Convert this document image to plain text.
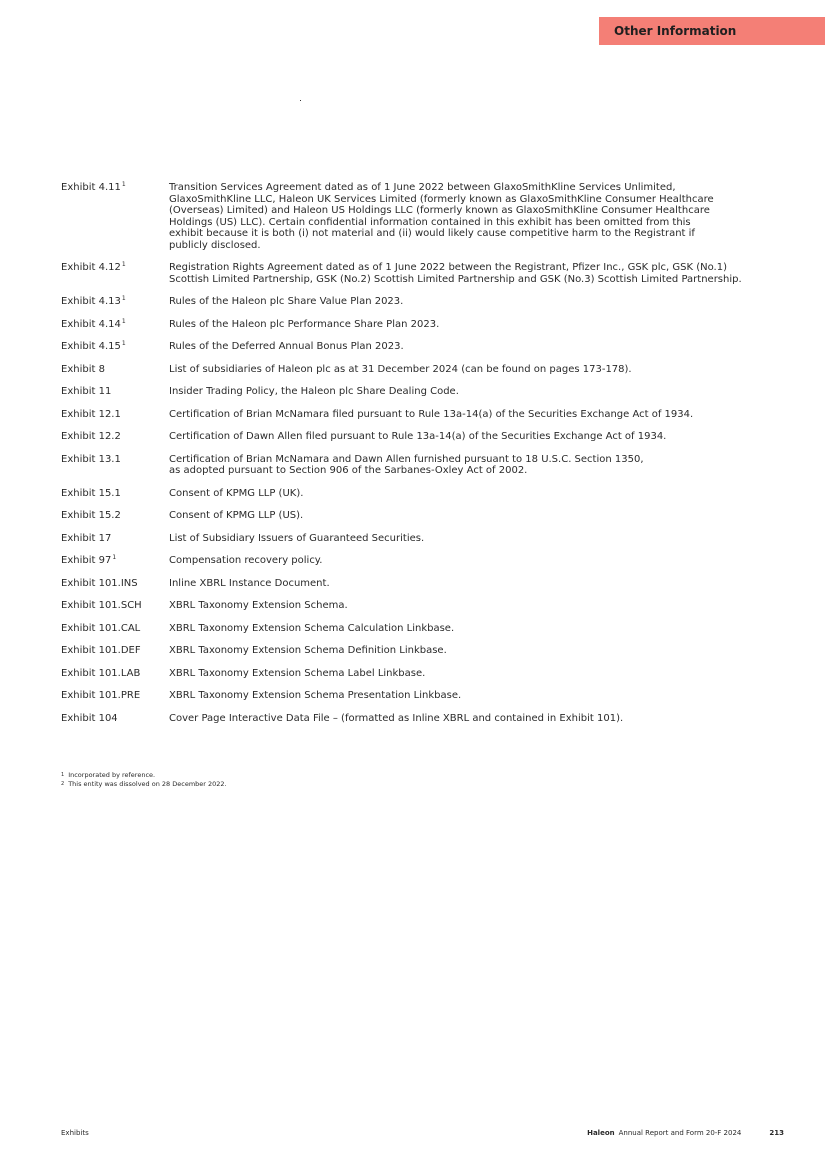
Other Information
Exhibit 4.11$^1$	Transition Services Agreement dated as of 1 June 2022 between GlaxoSmithKline Services Unlimited,
GlaxoSmithKline LLC, Haleon UK Services Limited (formerly known as GlaxoSmithKline Consumer Healthcare
(Overseas) Limited) and Haleon US Holdings LLC (formerly known as GlaxoSmithKline Consumer Healthcare
Holdings (US) LLC). Certain confidential information contained in this exhibit has been omitted from this
exhibit because it is both (i) not material and (ii) would likely cause competitive harm to the Registrant if
publicly disclosed.
Exhibit 4.12$^1$	Registration Rights Agreement dated as of 1 June 2022 between the Registrant, Pfizer Inc., GSK plc, GSK (No.1)
Scottish Limited Partnership, GSK (No.2) Scottish Limited Partnership and GSK (No.3) Scottish Limited Partnership.
Exhibit 4.13$^1$	Rules of the Haleon plc Share Value Plan 2023.
Exhibit 4.14$^1$	Rules of the Haleon plc Performance Share Plan 2023.
Exhibit 4.15$^1$	Rules of the Deferred Annual Bonus Plan 2023.
Exhibit 8	List of subsidiaries of Haleon plc as at 31 December 2024 (can be found on pages 173-178).
Exhibit 11	Insider Trading Policy, the Haleon plc Share Dealing Code.
Exhibit 12.1	Certification of Brian McNamara filed pursuant to Rule 13a-14(a) of the Securities Exchange Act of 1934.
Exhibit 12.2	Certification of Dawn Allen filed pursuant to Rule 13a-14(a) of the Securities Exchange Act of 1934.
Exhibit 13.1	Certification of Brian McNamara and Dawn Allen furnished pursuant to 18 U.S.C. Section 1350,
as adopted pursuant to Section 906 of the Sarbanes-Oxley Act of 2002.
Exhibit 15.1	Consent of KPMG LLP (UK).
Exhibit 15.2	Consent of KPMG LLP (US).
Exhibit 17	List of Subsidiary Issuers of Guaranteed Securities.
Exhibit $97^1$	Compensation recovery policy.
Exhibit 101.INS	Inline XBRL Instance Document.
Exhibit 101.SCH	XBRL Taxonomy Extension Schema.
Exhibit 101.CAL	XBRL Taxonomy Extension Schema Calculation Linkbase.
Exhibit 101.DEF	XBRL Taxonomy Extension Schema Definition Linkbase.
Exhibit 101.LAB	XBRL Taxonomy Extension Schema Label Linkbase.
Exhibit 101.PRE	XBRL Taxonomy Extension Schema Presentation Linkbase.
Exhibit 104	Cover Page Interactive Data File – (formatted as Inline XBRL and contained in Exhibit 101).
$^1$ Incorporated by reference.
$^2$ This entity was dissolved on 28 December 2022.
Exhibits	Haleon Annual Report and Form 20-F 2024	213
